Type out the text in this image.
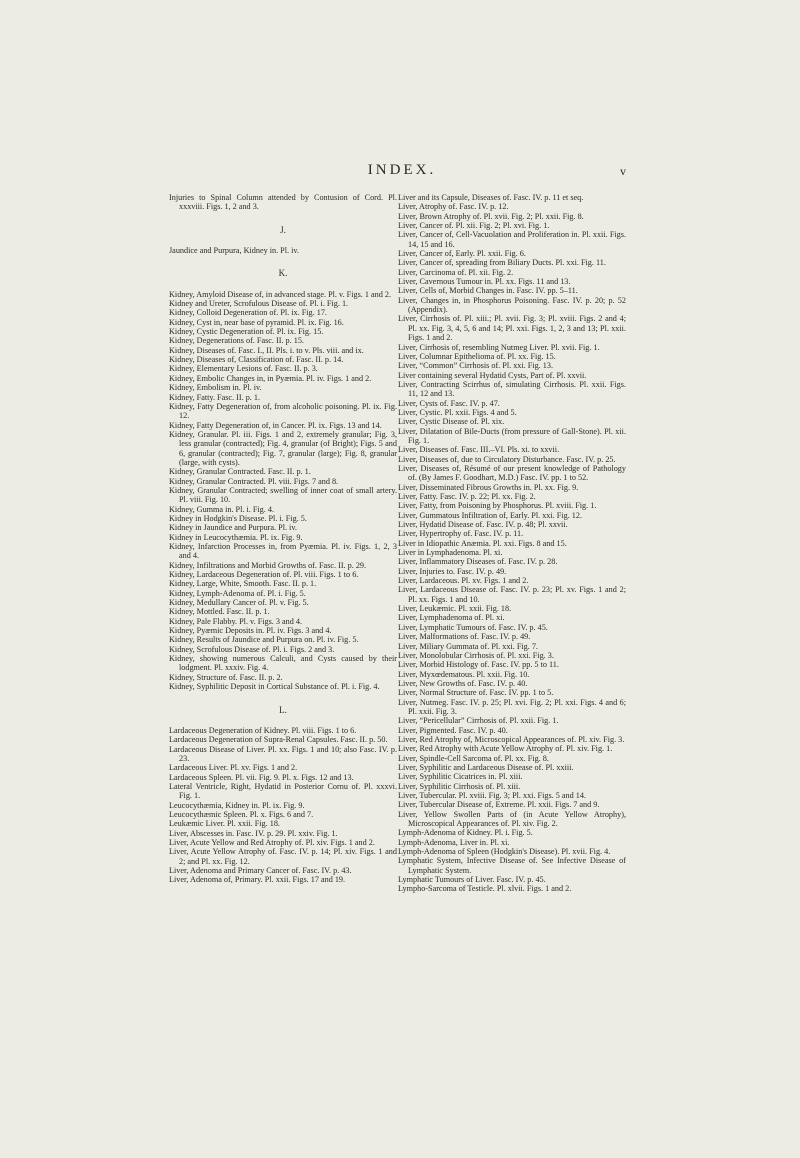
INDEX.	v
Injuries to Spinal Column attended by Contusion of Cord. Pl. xxxviii. Figs. 1, 2 and 3.
J.
Jaundice and Purpura, Kidney in. Pl. iv.
K.
Kidney, Amyloid Disease of, in advanced stage. Pl. v. Figs. 1 and 2.
Kidney and Ureter, Scrofulous Disease of. Pl. i. Fig. 1.
Kidney, Colloid Degeneration of. Pl. ix. Fig. 17.
Kidney, Cyst in, near base of pyramid. Pl. ix. Fig. 16.
Kidney, Cystic Degeneration of. Pl. ix. Fig. 15.
Kidney, Degenerations of. Fasc. II. p. 15.
Kidney, Diseases of. Fasc. I., II. Pls. i. to v. Pls. viii. and ix.
Kidney, Diseases of, Classification of. Fasc. II. p. 14.
Kidney, Elementary Lesions of. Fasc. II. p. 3.
Kidney, Embolic Changes in, in Pyæmia. Pl. iv. Figs. 1 and 2.
Kidney, Embolism in. Pl. iv.
Kidney, Fatty. Fasc. II. p. 1.
Kidney, Fatty Degeneration of, from alcoholic poisoning. Pl. ix. Fig. 12.
Kidney, Fatty Degeneration of, in Cancer. Pl. ix. Figs. 13 and 14.
Kidney, Granular. Pl. iii. Figs. 1 and 2, extremely granular; Fig. 3, less granular (contracted); Fig. 4, granular (of Bright); Figs. 5 and 6, granular (contracted); Fig. 7, granular (large); Fig. 8, granular (large, with cysts).
Kidney, Granular Contracted. Fasc. II. p. 1.
Kidney, Granular Contracted. Pl. viii. Figs. 7 and 8.
Kidney, Granular Contracted; swelling of inner coat of small artery. Pl. viii. Fig. 10.
Kidney, Gumma in. Pl. i. Fig. 4.
Kidney in Hodgkin's Disease. Pl. i. Fig. 5.
Kidney in Jaundice and Purpura. Pl. iv.
Kidney in Leucocythæmia. Pl. ix. Fig. 9.
Kidney, Infarction Processes in, from Pyæmia. Pl. iv. Figs. 1, 2, 3 and 4.
Kidney, Infiltrations and Morbid Growths of. Fasc. II. p. 29.
Kidney, Lardaceous Degeneration of. Pl. viii. Figs. 1 to 6.
Kidney, Large, White, Smooth. Fasc. II. p. 1.
Kidney, Lymph-Adenoma of. Pl. i. Fig. 5.
Kidney, Medullary Cancer of. Pl. v. Fig. 5.
Kidney, Mottled. Fasc. II. p. 1.
Kidney, Pale Flabby. Pl. v. Figs. 3 and 4.
Kidney, Pyæmic Deposits in. Pl. iv. Figs. 3 and 4.
Kidney, Results of Jaundice and Purpura on. Pl. iv. Fig. 5.
Kidney, Scrofulous Disease of. Pl. i. Figs. 2 and 3.
Kidney, showing numerous Calculi, and Cysts caused by their lodgment. Pl. xxxiv. Fig. 4.
Kidney, Structure of. Fasc. II. p. 2.
Kidney, Syphilitic Deposit in Cortical Substance of. Pl. i. Fig. 4.
L.
Lardaceous Degeneration of Kidney. Pl. viii. Figs. 1 to 6.
Lardaceous Degeneration of Supra-Renal Capsules. Fasc. II. p. 50.
Lardaceous Disease of Liver. Pl. xx. Figs. 1 and 10; also Fasc. IV. p. 23.
Lardaceous Liver. Pl. xv. Figs. 1 and 2.
Lardaceous Spleen. Pl. vii. Fig. 9. Pl. x. Figs. 12 and 13.
Lateral Ventricle, Right, Hydatid in Posterior Cornu of. Pl. xxxvi. Fig. 1.
Leucocythæmia, Kidney in. Pl. ix. Fig. 9.
Leucocythæmic Spleen. Pl. x. Figs. 6 and 7.
Leukæmic Liver. Pl. xxii. Fig. 18.
Liver, Abscesses in. Fasc. IV. p. 29. Pl. xxiv. Fig. 1.
Liver, Acute Yellow and Red Atrophy of. Pl. xiv. Figs. 1 and 2.
Liver, Acute Yellow Atrophy of. Fasc. IV. p. 14; Pl. xiv. Figs. 1 and 2; and Pl. xx. Fig. 12.
Liver, Adenoma and Primary Cancer of. Fasc. IV. p. 43.
Liver, Adenoma of, Primary. Pl. xxii. Figs. 17 and 19.
Liver and its Capsule, Diseases of. Fasc. IV. p. 11 et seq.
Liver, Atrophy of. Fasc. IV. p. 12.
Liver, Brown Atrophy of. Pl. xvii. Fig. 2; Pl. xxii. Fig. 8.
Liver, Cancer of. Pl. xii. Fig. 2; Pl. xvi. Fig. 1.
Liver, Cancer of, Cell-Vacuolation and Proliferation in. Pl. xxii. Figs. 14, 15 and 16.
Liver, Cancer of, Early. Pl. xxii. Fig. 6.
Liver, Cancer of, spreading from Biliary Ducts. Pl. xxi. Fig. 11.
Liver, Carcinoma of. Pl. xii. Fig. 2.
Liver, Cavernous Tumour in. Pl. xx. Figs. 11 and 13.
Liver, Cells of, Morbid Changes in. Fasc. IV. pp. 5–11.
Liver, Changes in, in Phosphorus Poisoning. Fasc. IV. p. 20; p. 52 (Appendix).
Liver, Cirrhosis of. Pl. xiii.; Pl. xvii. Fig. 3; Pl. xviii. Figs. 2 and 4; Pl. xx. Fig. 3, 4, 5, 6 and 14; Pl. xxi. Figs. 1, 2, 3 and 13; Pl. xxii. Figs. 1 and 2.
Liver, Cirrhosis of, resembling Nutmeg Liver. Pl. xvii. Fig. 1.
Liver, Columnar Epithelioma of. Pl. xx. Fig. 15.
Liver, “Common” Cirrhosis of. Pl. xxi. Fig. 13.
Liver containing several Hydatid Cysts, Part of. Pl. xxvii.
Liver, Contracting Scirrhus of, simulating Cirrhosis. Pl. xxii. Figs. 11, 12 and 13.
Liver, Cysts of. Fasc. IV. p. 47.
Liver, Cystic. Pl. xxii. Figs. 4 and 5.
Liver, Cystic Disease of. Pl. xix.
Liver, Dilatation of Bile-Ducts (from pressure of Gall-Stone). Pl. xii. Fig. 1.
Liver, Diseases of. Fasc. III.–VI. Pls. xi. to xxvii.
Liver, Diseases of, due to Circulatory Disturbance. Fasc. IV. p. 25.
Liver, Diseases of, Résumé of our present knowledge of Pathology of. (By James F. Goodhart, M.D.) Fasc. IV. pp. 1 to 52.
Liver, Disseminated Fibrous Growths in. Pl. xx. Fig. 9.
Liver, Fatty. Fasc. IV. p. 22; Pl. xx. Fig. 2.
Liver, Fatty, from Poisoning by Phosphorus. Pl. xviii. Fig. 1.
Liver, Gummatous Infiltration of, Early. Pl. xxi. Fig. 12.
Liver, Hydatid Disease of. Fasc. IV. p. 48; Pl. xxvii.
Liver, Hypertrophy of. Fasc. IV. p. 11.
Liver in Idiopathic Anæmia. Pl. xxi. Figs. 8 and 15.
Liver in Lymphadenoma. Pl. xi.
Liver, Inflammatory Diseases of. Fasc. IV. p. 28.
Liver, Injuries to. Fasc. IV. p. 49.
Liver, Lardaceous. Pl. xv. Figs. 1 and 2.
Liver, Lardaceous Disease of. Fasc. IV. p. 23; Pl. xv. Figs. 1 and 2; Pl. xx. Figs. 1 and 10.
Liver, Leukæmic. Pl. xxii. Fig. 18.
Liver, Lymphadenoma of. Pl. xi.
Liver, Lymphatic Tumours of. Fasc. IV. p. 45.
Liver, Malformations of. Fasc. IV. p. 49.
Liver, Miliary Gummata of. Pl. xxi. Fig. 7.
Liver, Monolobular Cirrhosis of. Pl. xxi. Fig. 3.
Liver, Morbid Histology of. Fasc. IV. pp. 5 to 11.
Liver, Myxœdematous. Pl. xxii. Fig. 10.
Liver, New Growths of. Fasc. IV. p. 40.
Liver, Normal Structure of. Fasc. IV. pp. 1 to 5.
Liver, Nutmeg. Fasc. IV. p. 25; Pl. xvi. Fig. 2; Pl. xxi. Figs. 4 and 6; Pl. xxii. Fig. 3.
Liver, “Pericellular” Cirrhosis of. Pl. xxii. Fig. 1.
Liver, Pigmented. Fasc. IV. p. 40.
Liver, Red Atrophy of, Microscopical Appearances of. Pl. xiv. Fig. 3.
Liver, Red Atrophy with Acute Yellow Atrophy of. Pl. xiv. Fig. 1.
Liver, Spindle-Cell Sarcoma of. Pl. xx. Fig. 8.
Liver, Syphilitic and Lardaceous Disease of. Pl. xxiii.
Liver, Syphilitic Cicatrices in. Pl. xiii.
Liver, Syphilitic Cirrhosis of. Pl. xiii.
Liver, Tubercular. Pl. xviii. Fig. 3; Pl. xxi. Figs. 5 and 14.
Liver, Tubercular Disease of, Extreme. Pl. xxii. Figs. 7 and 9.
Liver, Yellow Swollen Parts of (in Acute Yellow Atrophy), Microscopical Appearances of. Pl. xiv. Fig. 2.
Lymph-Adenoma of Kidney. Pl. i. Fig. 5.
Lymph-Adenoma, Liver in. Pl. xi.
Lymph-Adenoma of Spleen (Hodgkin's Disease). Pl. xvii. Fig. 4.
Lymphatic System, Infective Disease of. See Infective Disease of Lymphatic System.
Lymphatic Tumours of Liver. Fasc. IV. p. 45.
Lympho-Sarcoma of Testicle. Pl. xlvii. Figs. 1 and 2.
